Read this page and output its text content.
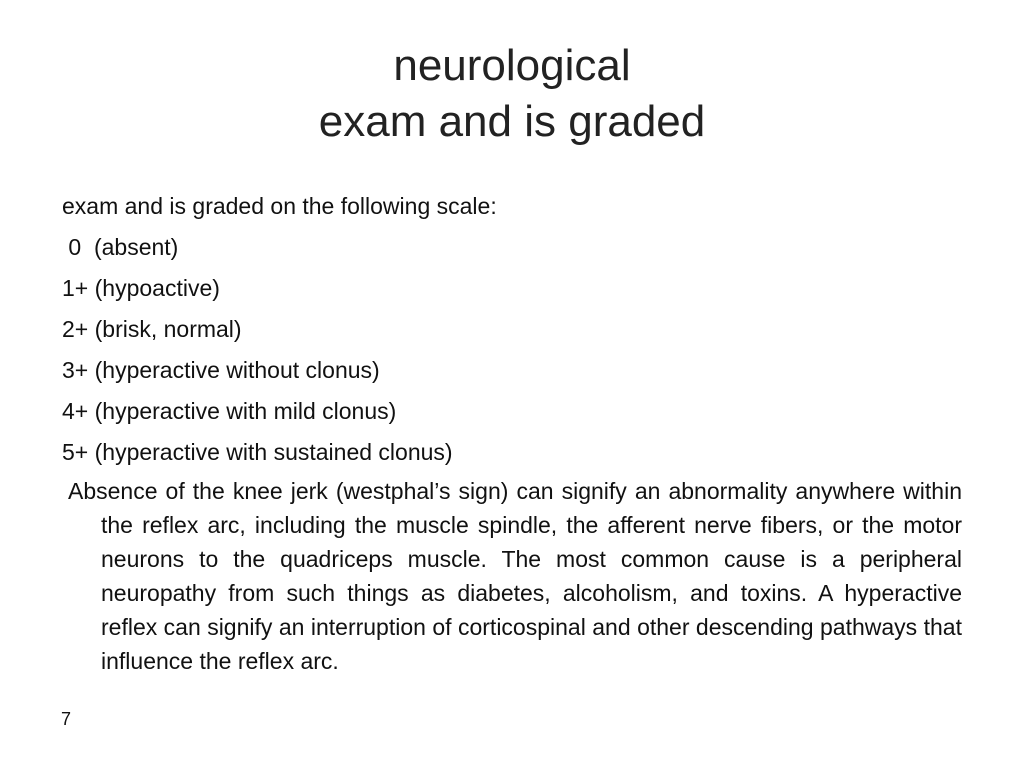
neurological
exam and is graded
exam and is graded on the following scale:
0  (absent)
1+ (hypoactive)
2+ (brisk, normal)
3+ (hyperactive without clonus)
4+ (hyperactive with mild clonus)
5+ (hyperactive with sustained clonus)
Absence of the knee jerk (westphal’s sign) can signify an abnormality anywhere within the reflex arc, including the muscle spindle, the afferent nerve fibers, or the motor neurons to the quadriceps muscle. The most common cause is a peripheral neuropathy from such things as diabetes, alcoholism, and toxins. A hyperactive reflex can signify an interruption of corticospinal and other descending pathways that influence the reflex arc.
7
